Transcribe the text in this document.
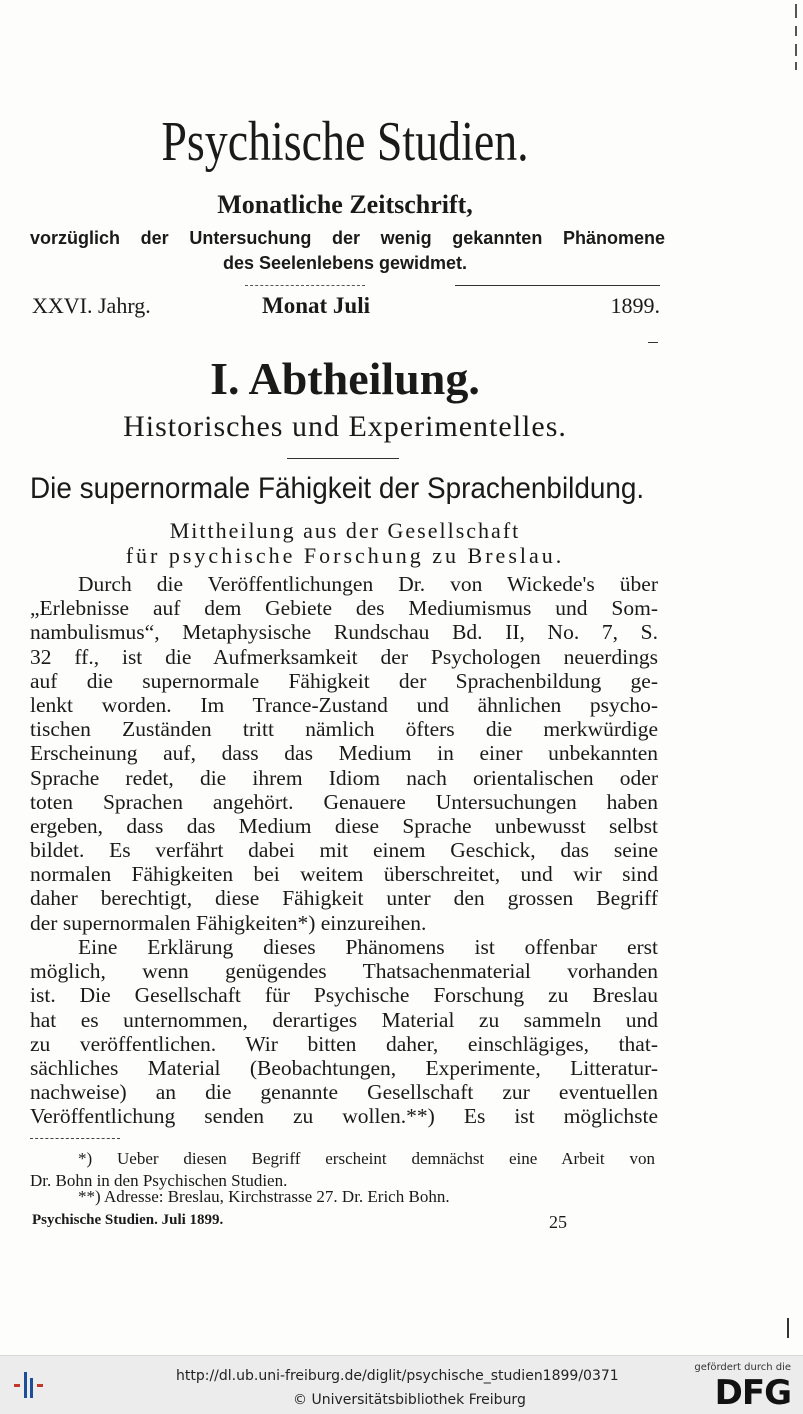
Psychische Studien.
Monatliche Zeitschrift,
vorzüglich der Untersuchung der wenig gekannten Phänomene
des Seelenlebens gewidmet.
XXVI. Jahrg.	Monat Juli	1899.
I. Abtheilung.
Historisches und Experimentelles.
Die supernormale Fähigkeit der Sprachenbildung.
Mittheilung aus der Gesellschaft
für psychische Forschung zu Breslau.
Durch die Veröffentlichungen Dr. von Wickede's über
„Erlebnisse auf dem Gebiete des Mediumismus und Som-
nambulismus“, Metaphysische Rundschau Bd. II, No. 7, S.
32 ff., ist die Aufmerksamkeit der Psychologen neuerdings
auf die supernormale Fähigkeit der Sprachenbildung ge-
lenkt worden. Im Trance-Zustand und ähnlichen psycho-
tischen Zuständen tritt nämlich öfters die merkwürdige
Erscheinung auf, dass das Medium in einer unbekannten
Sprache redet, die ihrem Idiom nach orientalischen oder
toten Sprachen angehört. Genauere Untersuchungen haben
ergeben, dass das Medium diese Sprache unbewusst selbst
bildet. Es verfährt dabei mit einem Geschick, das seine
normalen Fähigkeiten bei weitem überschreitet, und wir sind
daher berechtigt, diese Fähigkeit unter den grossen Begriff
der supernormalen Fähigkeiten*) einzureihen.
Eine Erklärung dieses Phänomens ist offenbar erst
möglich, wenn genügendes Thatsachenmaterial vorhanden
ist. Die Gesellschaft für Psychische Forschung zu Breslau
hat es unternommen, derartiges Material zu sammeln und
zu veröffentlichen. Wir bitten daher, einschlägiges, that-
sächliches Material (Beobachtungen, Experimente, Litteratur-
nachweise) an die genannte Gesellschaft zur eventuellen
Veröffentlichung senden zu wollen.**) Es ist möglichste
*) Ueber diesen Begriff erscheint demnächst eine Arbeit von
Dr. Bohn in den Psychischen Studien.
**) Adresse: Breslau, Kirchstrasse 27. Dr. Erich Bohn.
Psychische Studien. Juli 1899.	25
http://dl.ub.uni-freiburg.de/diglit/psychische_studien1899/0371
© Universitätsbibliothek Freiburg
gefördert durch die
DFG
